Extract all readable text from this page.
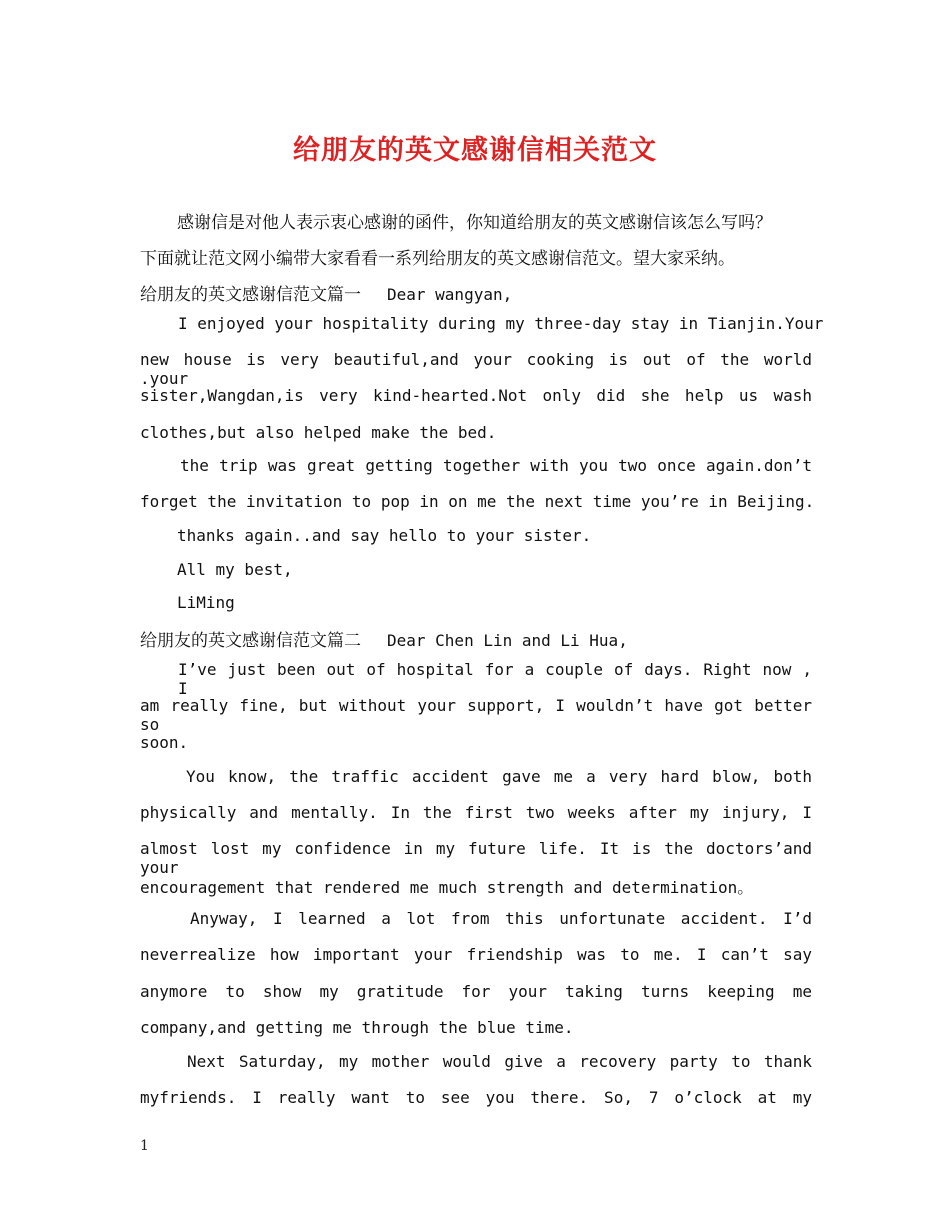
给朋友的英文感谢信相关范文

感谢信是对他人表示衷心感谢的函件，你知道给朋友的英文感谢信该怎么写吗？

下面就让范文网小编带大家看看一系列给朋友的英文感谢信范文。望大家采纳。

给朋友的英文感谢信范文篇一 Dear wangyan,
I enjoyed your hospitality during my three-day stay in Tianjin.Your
new house is very beautiful,and your cooking is out of the world .your
sister,Wangdan,is very kind-hearted.Not only did she help us wash
clothes,but also helped make the bed.
the trip was great getting together with you two once again.don’t
forget the invitation to pop in on me the next time you’re in Beijing.
thanks again..and say hello to your sister.
All my best,
LiMing
给朋友的英文感谢信范文篇二 Dear Chen Lin and Li Hua,
I’ve just been out of hospital for a couple of days. Right now , I
am really fine, but without your support, I wouldn’t have got better so
soon.
You know, the traffic accident gave me a very hard blow, both
physically and mentally. In the first two weeks after my injury, I
almost lost my confidence in my future life. It is the doctors’and your
encouragement that rendered me much strength and determination。
Anyway, I learned a lot from this unfortunate accident. I’d
neverrealize how important your friendship was to me. I can’t say
anymore to show my gratitude for your taking turns keeping me
company,and getting me through the blue time.
Next Saturday, my mother would give a recovery party to thank
myfriends. I really want to see you there. So, 7 o’clock at my
1
